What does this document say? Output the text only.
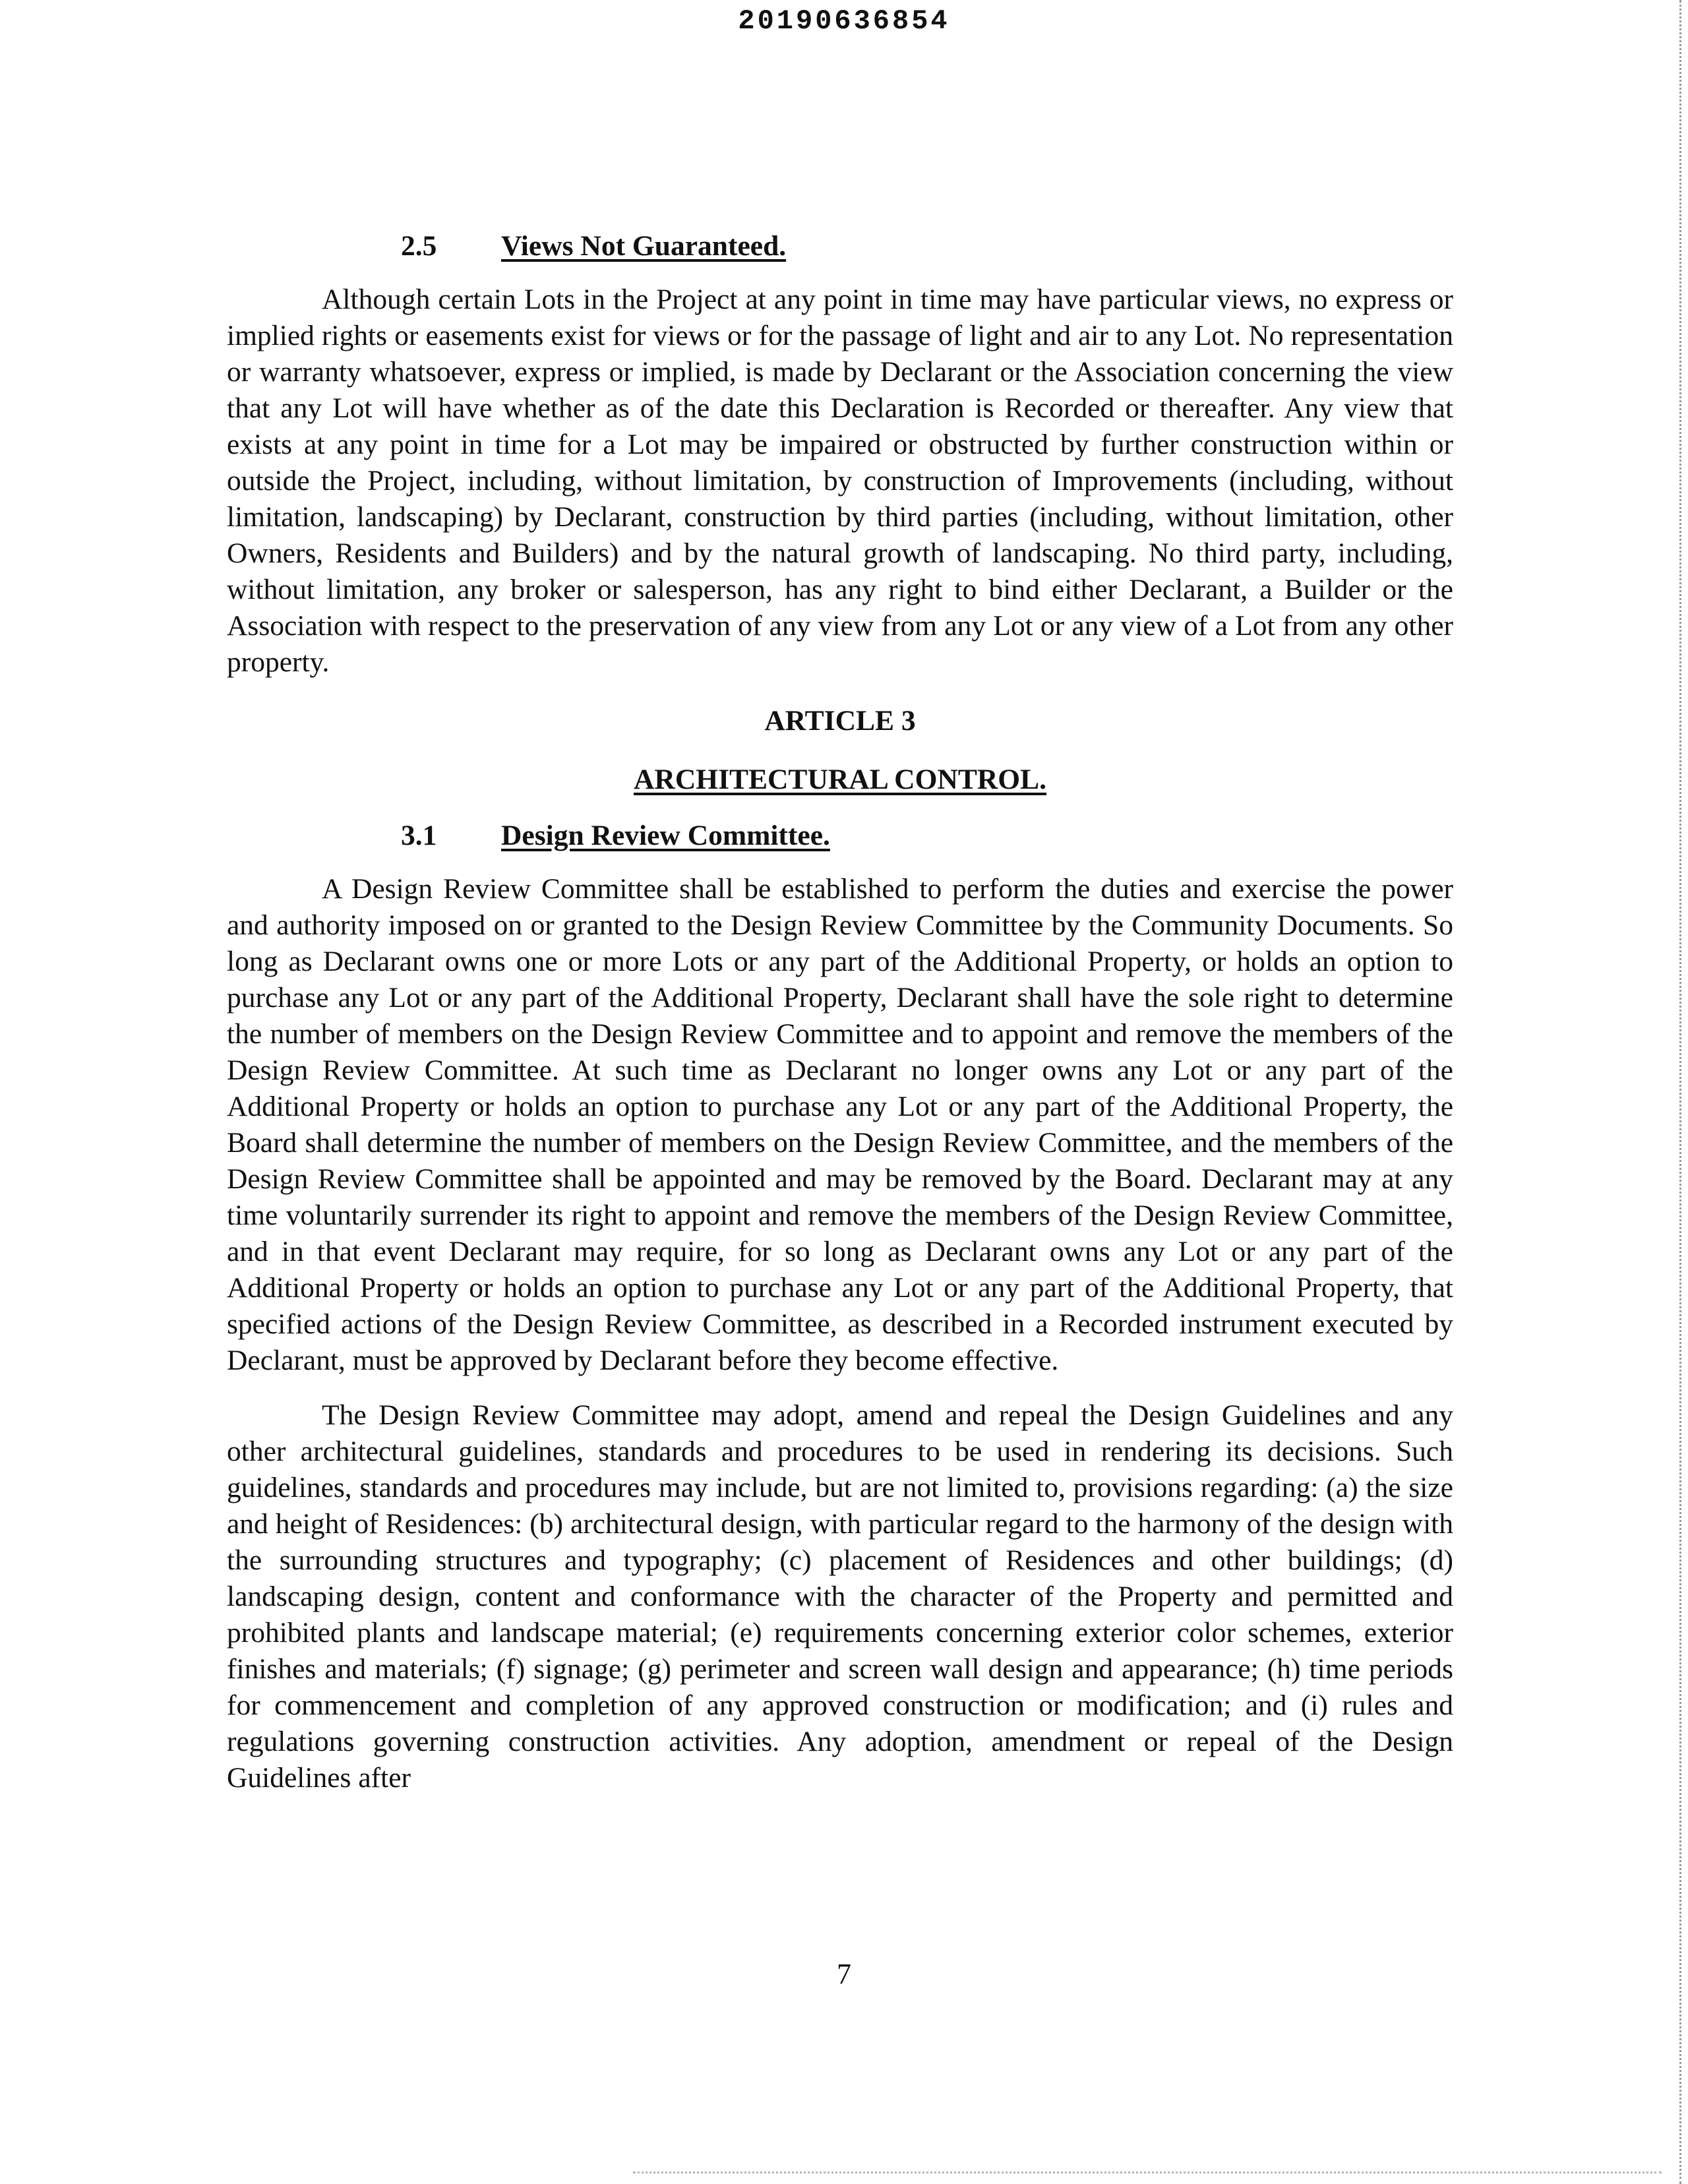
20190636854
2.5	Views Not Guaranteed.

Although certain Lots in the Project at any point in time may have particular views, no express or implied rights or easements exist for views or for the passage of light and air to any Lot. No representation or warranty whatsoever, express or implied, is made by Declarant or the Association concerning the view that any Lot will have whether as of the date this Declaration is Recorded or thereafter. Any view that exists at any point in time for a Lot may be impaired or obstructed by further construction within or outside the Project, including, without limitation, by construction of Improvements (including, without limitation, landscaping) by Declarant, construction by third parties (including, without limitation, other Owners, Residents and Builders) and by the natural growth of landscaping. No third party, including, without limitation, any broker or salesperson, has any right to bind either Declarant, a Builder or the Association with respect to the preservation of any view from any Lot or any view of a Lot from any other property.

ARTICLE 3
ARCHITECTURAL CONTROL.
3.1	Design Review Committee.

A Design Review Committee shall be established to perform the duties and exercise the power and authority imposed on or granted to the Design Review Committee by the Community Documents. So long as Declarant owns one or more Lots or any part of the Additional Property, or holds an option to purchase any Lot or any part of the Additional Property, Declarant shall have the sole right to determine the number of members on the Design Review Committee and to appoint and remove the members of the Design Review Committee. At such time as Declarant no longer owns any Lot or any part of the Additional Property or holds an option to purchase any Lot or any part of the Additional Property, the Board shall determine the number of members on the Design Review Committee, and the members of the Design Review Committee shall be appointed and may be removed by the Board. Declarant may at any time voluntarily surrender its right to appoint and remove the members of the Design Review Committee, and in that event Declarant may require, for so long as Declarant owns any Lot or any part of the Additional Property or holds an option to purchase any Lot or any part of the Additional Property, that specified actions of the Design Review Committee, as described in a Recorded instrument executed by Declarant, must be approved by Declarant before they become effective.

The Design Review Committee may adopt, amend and repeal the Design Guidelines and any other architectural guidelines, standards and procedures to be used in rendering its decisions. Such guidelines, standards and procedures may include, but are not limited to, provisions regarding: (a) the size and height of Residences: (b) architectural design, with particular regard to the harmony of the design with the surrounding structures and typography; (c) placement of Residences and other buildings; (d) landscaping design, content and conformance with the character of the Property and permitted and prohibited plants and landscape material; (e) requirements concerning exterior color schemes, exterior finishes and materials; (f) signage; (g) perimeter and screen wall design and appearance; (h) time periods for commencement and completion of any approved construction or modification; and (i) rules and regulations governing construction activities. Any adoption, amendment or repeal of the Design Guidelines after

7
